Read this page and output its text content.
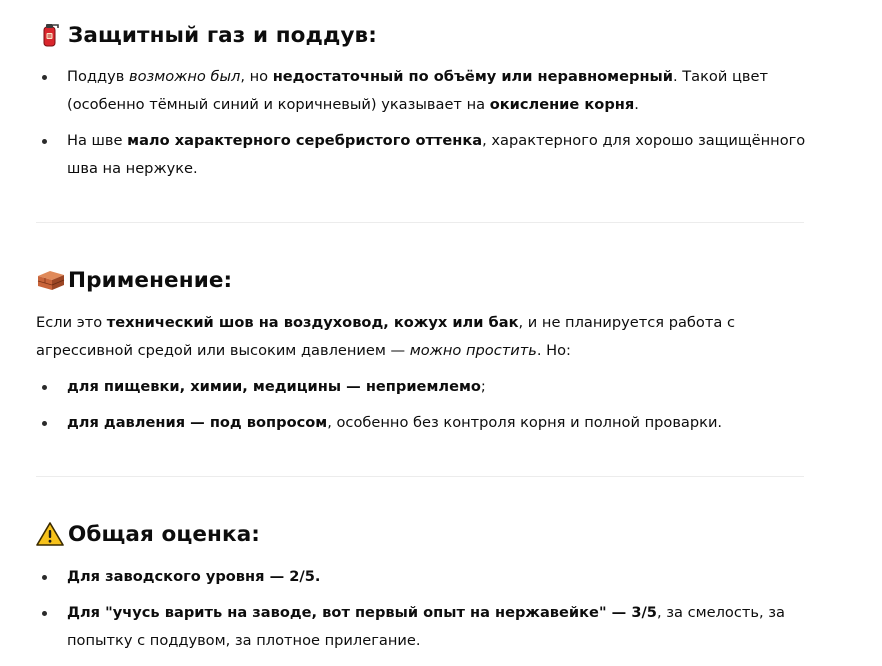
Защитный газ и поддув:
Поддув возможно был, но недостаточный по объёму или неравномерный. Такой цвет (особенно тёмный синий и коричневый) указывает на окисление корня.
На шве мало характерного серебристого оттенка, характерного для хорошо защищённого шва на нержуке.
Применение:
Если это технический шов на воздуховод, кожух или бак, и не планируется работа с агрессивной средой или высоким давлением — можно простить. Но:
для пищевки, химии, медицины — неприемлемо;
для давления — под вопросом, особенно без контроля корня и полной проварки.
Общая оценка:
Для заводского уровня — 2/5.
Для "учусь варить на заводе, вот первый опыт на нержавейке" — 3/5, за смелость, за попытку с поддувом, за плотное прилегание.
